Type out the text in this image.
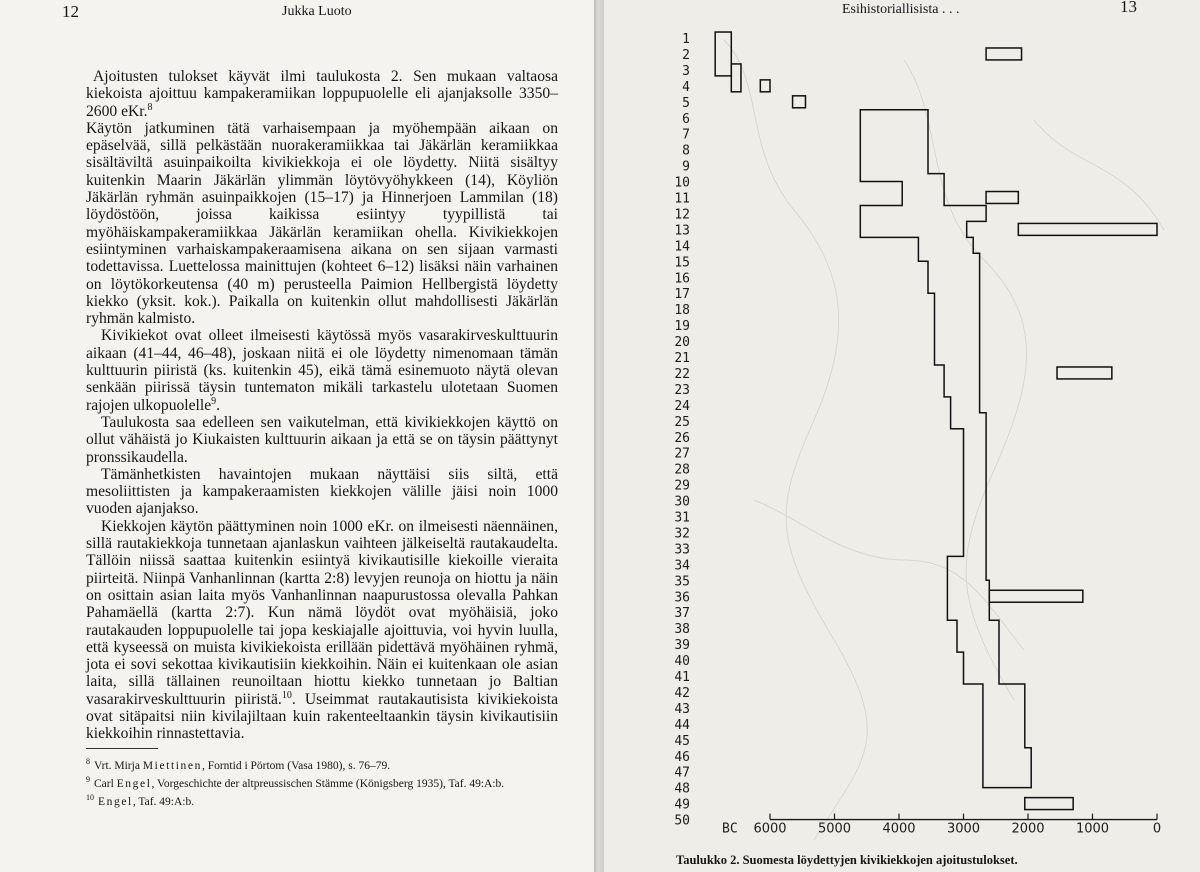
12	Jukka Luoto

Ajoitusten tulokset käyvät ilmi taulukosta 2. Sen mukaan valtaosa kiekoista ajoittuu kampakeramiikan loppupuolelle eli ajanjaksolle 3350–2600 eKr.$^8$

Käytön jatkuminen tätä varhaisempaan ja myöhempään aikaan on epäselvää, sillä pelkästään nuorakeramiikkaa tai Jäkärlän keramiikkaa sisältäviltä asuinpaikoilta kivikiekkoja ei ole löydetty. Niitä sisältyy kuitenkin Maarin Jäkärlän ylimmän löytövyöhykkeen (14), Köyliön Jäkärlän ryhmän asuinpaikkojen (15–17) ja Hinnerjoen Lammilan (18) löydöstöön, joissa kaikissa esiintyy tyypillistä tai myöhäiskampakeramiikkaa Jäkärlän keramiikan ohella. Kivikiekkojen esiintyminen varhaiskampakeraamisena aikana on sen sijaan varmasti todettavissa. Luettelossa mainittujen (kohteet 6–12) lisäksi näin varhainen on löytökorkeutensa (40 m) perusteella Paimion Hellbergistä löydetty kiekko (yksit. kok.). Paikalla on kuitenkin ollut mahdollisesti Jäkärlän ryhmän kalmisto.

Kivikiekot ovat olleet ilmeisesti käytössä myös vasarakirveskulttuurin aikaan (41–44, 46–48), joskaan niitä ei ole löydetty nimenomaan tämän kulttuurin piiristä (ks. kuitenkin 45), eikä tämä esinemuoto näytä olevan senkään piirissä täysin tuntematon mikäli tarkastelu ulotetaan Suomen rajojen ulkopuolelle$^9$.

Taulukosta saa edelleen sen vaikutelman, että kivikiekkojen käyttö on ollut vähäistä jo Kiukaisten kulttuurin aikaan ja että se on täysin päättynyt pronssikaudella.

Tämänhetkisten havaintojen mukaan näyttäisi siis siltä, että mesoliittisten ja kampakeraamisten kiekkojen välille jäisi noin 1000 vuoden ajanjakso.

Kiekkojen käytön päättyminen noin 1000 eKr. on ilmeisesti näennäinen, sillä rautakiekkoja tunnetaan ajanlaskun vaihteen jälkeiseltä rautakaudelta. Tällöin niissä saattaa kuitenkin esiintyä kivikautisille kiekoille vieraita piirteitä. Niinpä Vanhanlinnan (kartta 2:8) levyjen reunoja on hiottu ja näin on osittain asian laita myös Vanhanlinnan naapurustossa olevalla Pahkan Pahamäellä (kartta 2:7). Kun nämä löydöt ovat myöhäisiä, joko rautakauden loppupuolelle tai jopa keskiajalle ajoittuvia, voi hyvin luulla, että kyseessä on muista kivikiekoista erillään pidettävä myöhäinen ryhmä, jota ei sovi sekottaa kivikautisiin kiekkoihin. Näin ei kuitenkaan ole asian laita, sillä tällainen reunoiltaan hiottu kiekko tunnetaan jo Baltian vasarakirveskulttuurin piiristä.$^{10}$. Useimmat rautakautisista kivikiekoista ovat sitäpaitsi niin kivilajiltaan kuin rakenteeltaankin täysin kivikautisiin kiekkoihin rinnastettavia.

$^8$ Vrt. Mirja Miettinen, Forntid i Pörtom (Vasa 1980), s. 76–79.
$^9$ Carl Engel, Vorgeschichte der altpreussischen Stämme (Königsberg 1935), Taf. 49:A:b.
$^{10}$ Engel, Taf. 49:A:b.
Esihistoriallisista . . .	13
1
2
3
4
5
6
7
8
9
10
11
12
13
14
15
16
17
18
19
20
21
22
23
24
25
26
27
28
29
30
31
32
33
34
35
36
37
38
39
40
41
42
43
44
45
46
47
48
49
50
6000 5000 4000 3000 2000 1000	0
BC
Taulukko 2. Suomesta löydettyjen kivikiekkojen ajoitustulokset.
